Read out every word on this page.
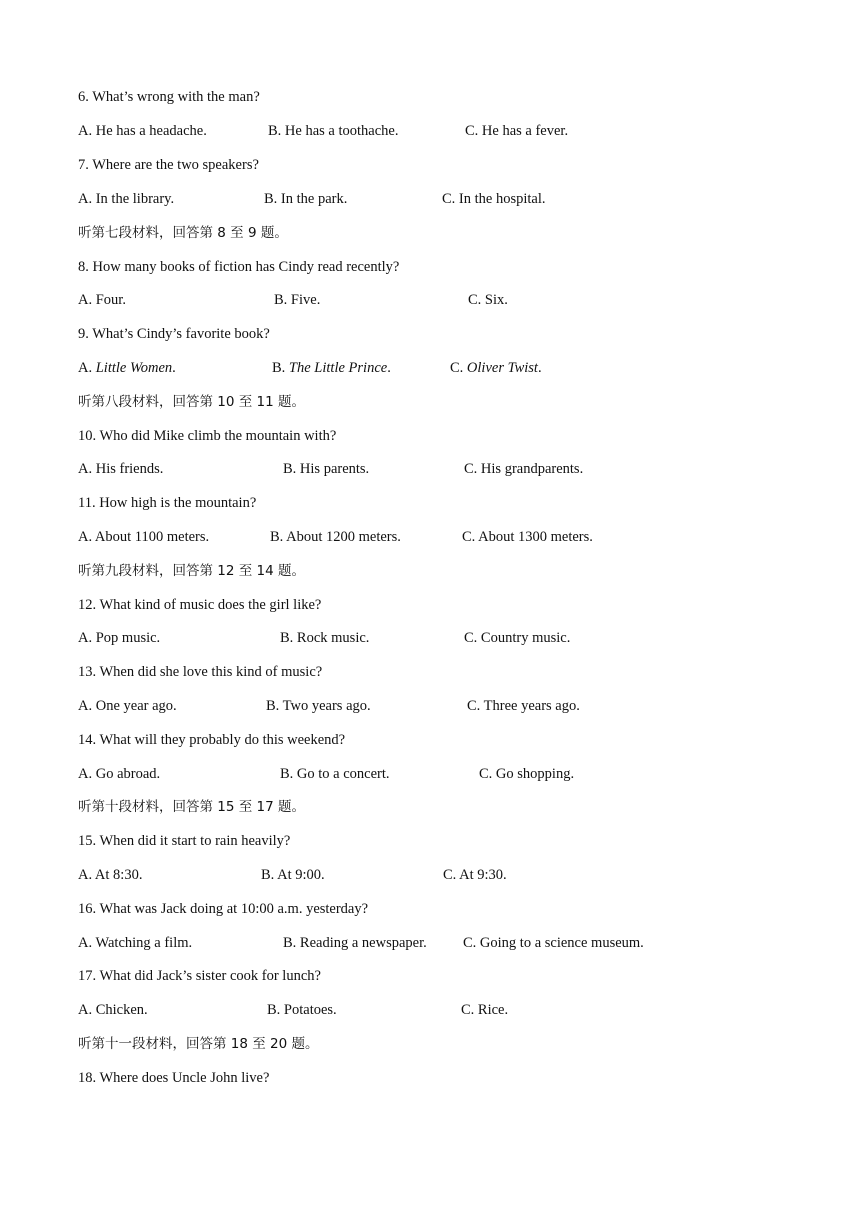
6. What’s wrong with the man?
A. He has a headache.	B. He has a toothache.	C. He has a fever.
7. Where are the two speakers?
A. In the library.	B. In the park.	C. In the hospital.
听第七段材料，回答第 8 至 9 题。
8. How many books of fiction has Cindy read recently?
A. Four.	B. Five.	C. Six.
9. What’s Cindy’s favorite book?
A. Little Women.	B. The Little Prince.	C. Oliver Twist.
听第八段材料，回答第 10 至 11 题。
10. Who did Mike climb the mountain with?
A. His friends.	B. His parents.	C. His grandparents.
11. How high is the mountain?
A. About 1100 meters.	B. About 1200 meters.	C. About 1300 meters.
听第九段材料，回答第 12 至 14 题。
12. What kind of music does the girl like?
A. Pop music.	B. Rock music.	C. Country music.
13. When did she love this kind of music?
A. One year ago.	B. Two years ago.	C. Three years ago.
14. What will they probably do this weekend?
A. Go abroad.	B. Go to a concert.	C. Go shopping.
听第十段材料，回答第 15 至 17 题。
15. When did it start to rain heavily?
A. At 8:30.	B. At 9:00.	C. At 9:30.
16. What was Jack doing at 10:00 a.m. yesterday?
A. Watching a film.	B. Reading a newspaper. C. Going to a science museum.
17. What did Jack’s sister cook for lunch?
A. Chicken.	B. Potatoes.	C. Rice.
听第十一段材料，回答第 18 至 20 题。
18. Where does Uncle John live?
